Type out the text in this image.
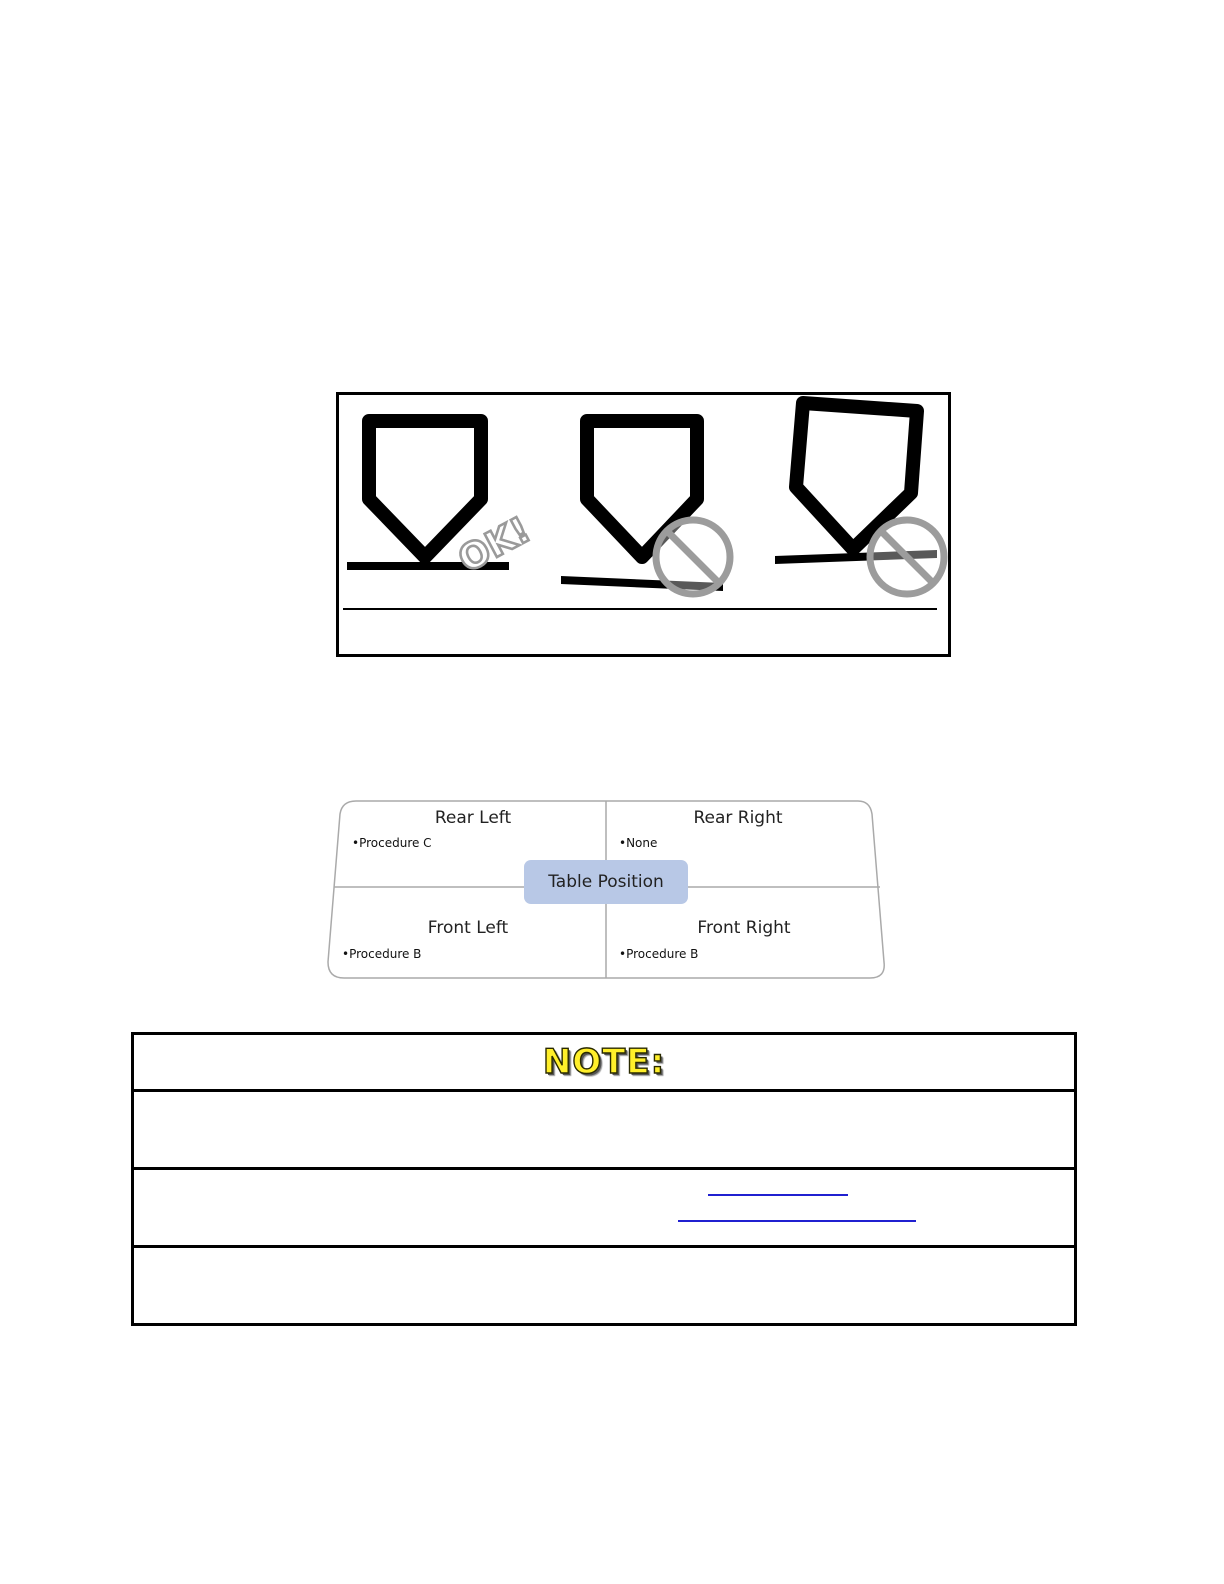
OK!
Rear Left
•Procedure C
Rear Right
•None
Front Left
•Procedure B
Front Right
•Procedure B
Table Position
NOTE:
